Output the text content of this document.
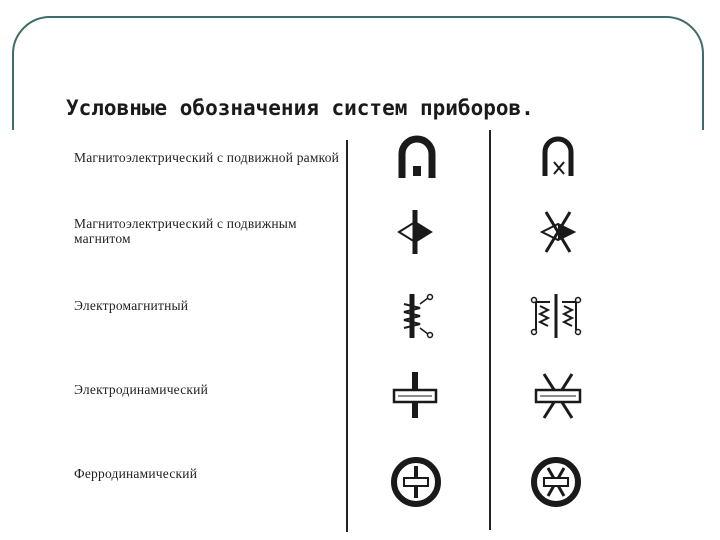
Условные обозначения систем приборов.
Магнитоэлектрический с подвижной рамкой
Магнитоэлектрический с подвижным магнитом
Электромагнитный
Электродинамический
Ферродинамический
